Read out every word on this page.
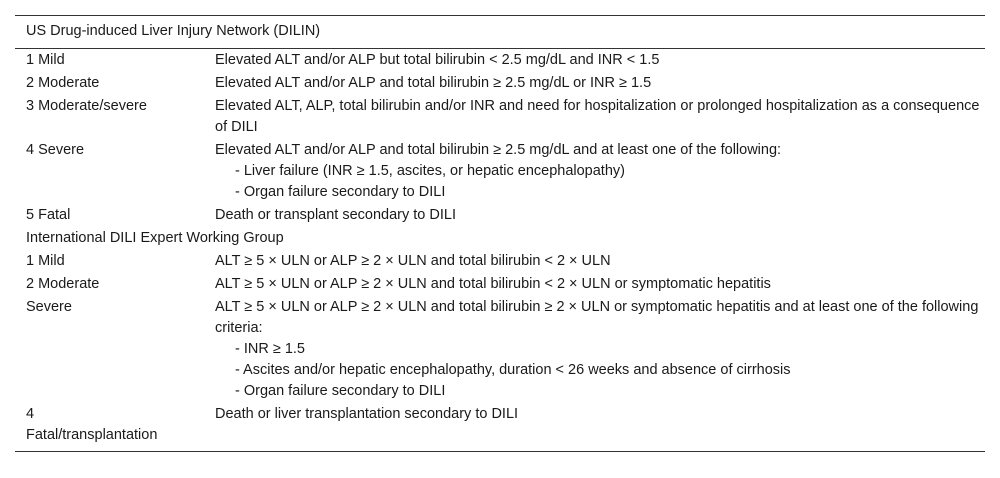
US Drug-induced Liver Injury Network (DILIN)	
1 Mild	Elevated ALT and/or ALP but total bilirubin < 2.5 mg/dL and INR < 1.5
2 Moderate	Elevated ALT and/or ALP and total bilirubin ≥ 2.5 mg/dL or INR ≥ 1.5
3 Moderate/severe	Elevated ALT, ALP, total bilirubin and/or INR and need for hospitalization or prolonged hospitalization as a consequence of DILI
4 Severe	Elevated ALT and/or ALP and total bilirubin ≥ 2.5 mg/dL and at least one of the following:
- Liver failure (INR ≥ 1.5, ascites, or hepatic encephalopathy)
- Organ failure secondary to DILI

5 Fatal	Death or transplant secondary to DILI
International DILI Expert Working Group	
1 Mild	ALT ≥ 5 × ULN or ALP ≥ 2 × ULN and total bilirubin < 2 × ULN
2 Moderate	ALT ≥ 5 × ULN or ALP ≥ 2 × ULN and total bilirubin < 2 × ULN or symptomatic hepatitis
Severe	ALT ≥ 5 × ULN or ALP ≥ 2 × ULN and total bilirubin ≥ 2 × ULN or symptomatic hepatitis and at least one of the following criteria:
- INR ≥ 1.5
- Ascites and/or hepatic encephalopathy, duration < 26 weeks and absence of cirrhosis
- Organ failure secondary to DILI

4
Fatal/transplantation	Death or liver transplantation secondary to DILI
